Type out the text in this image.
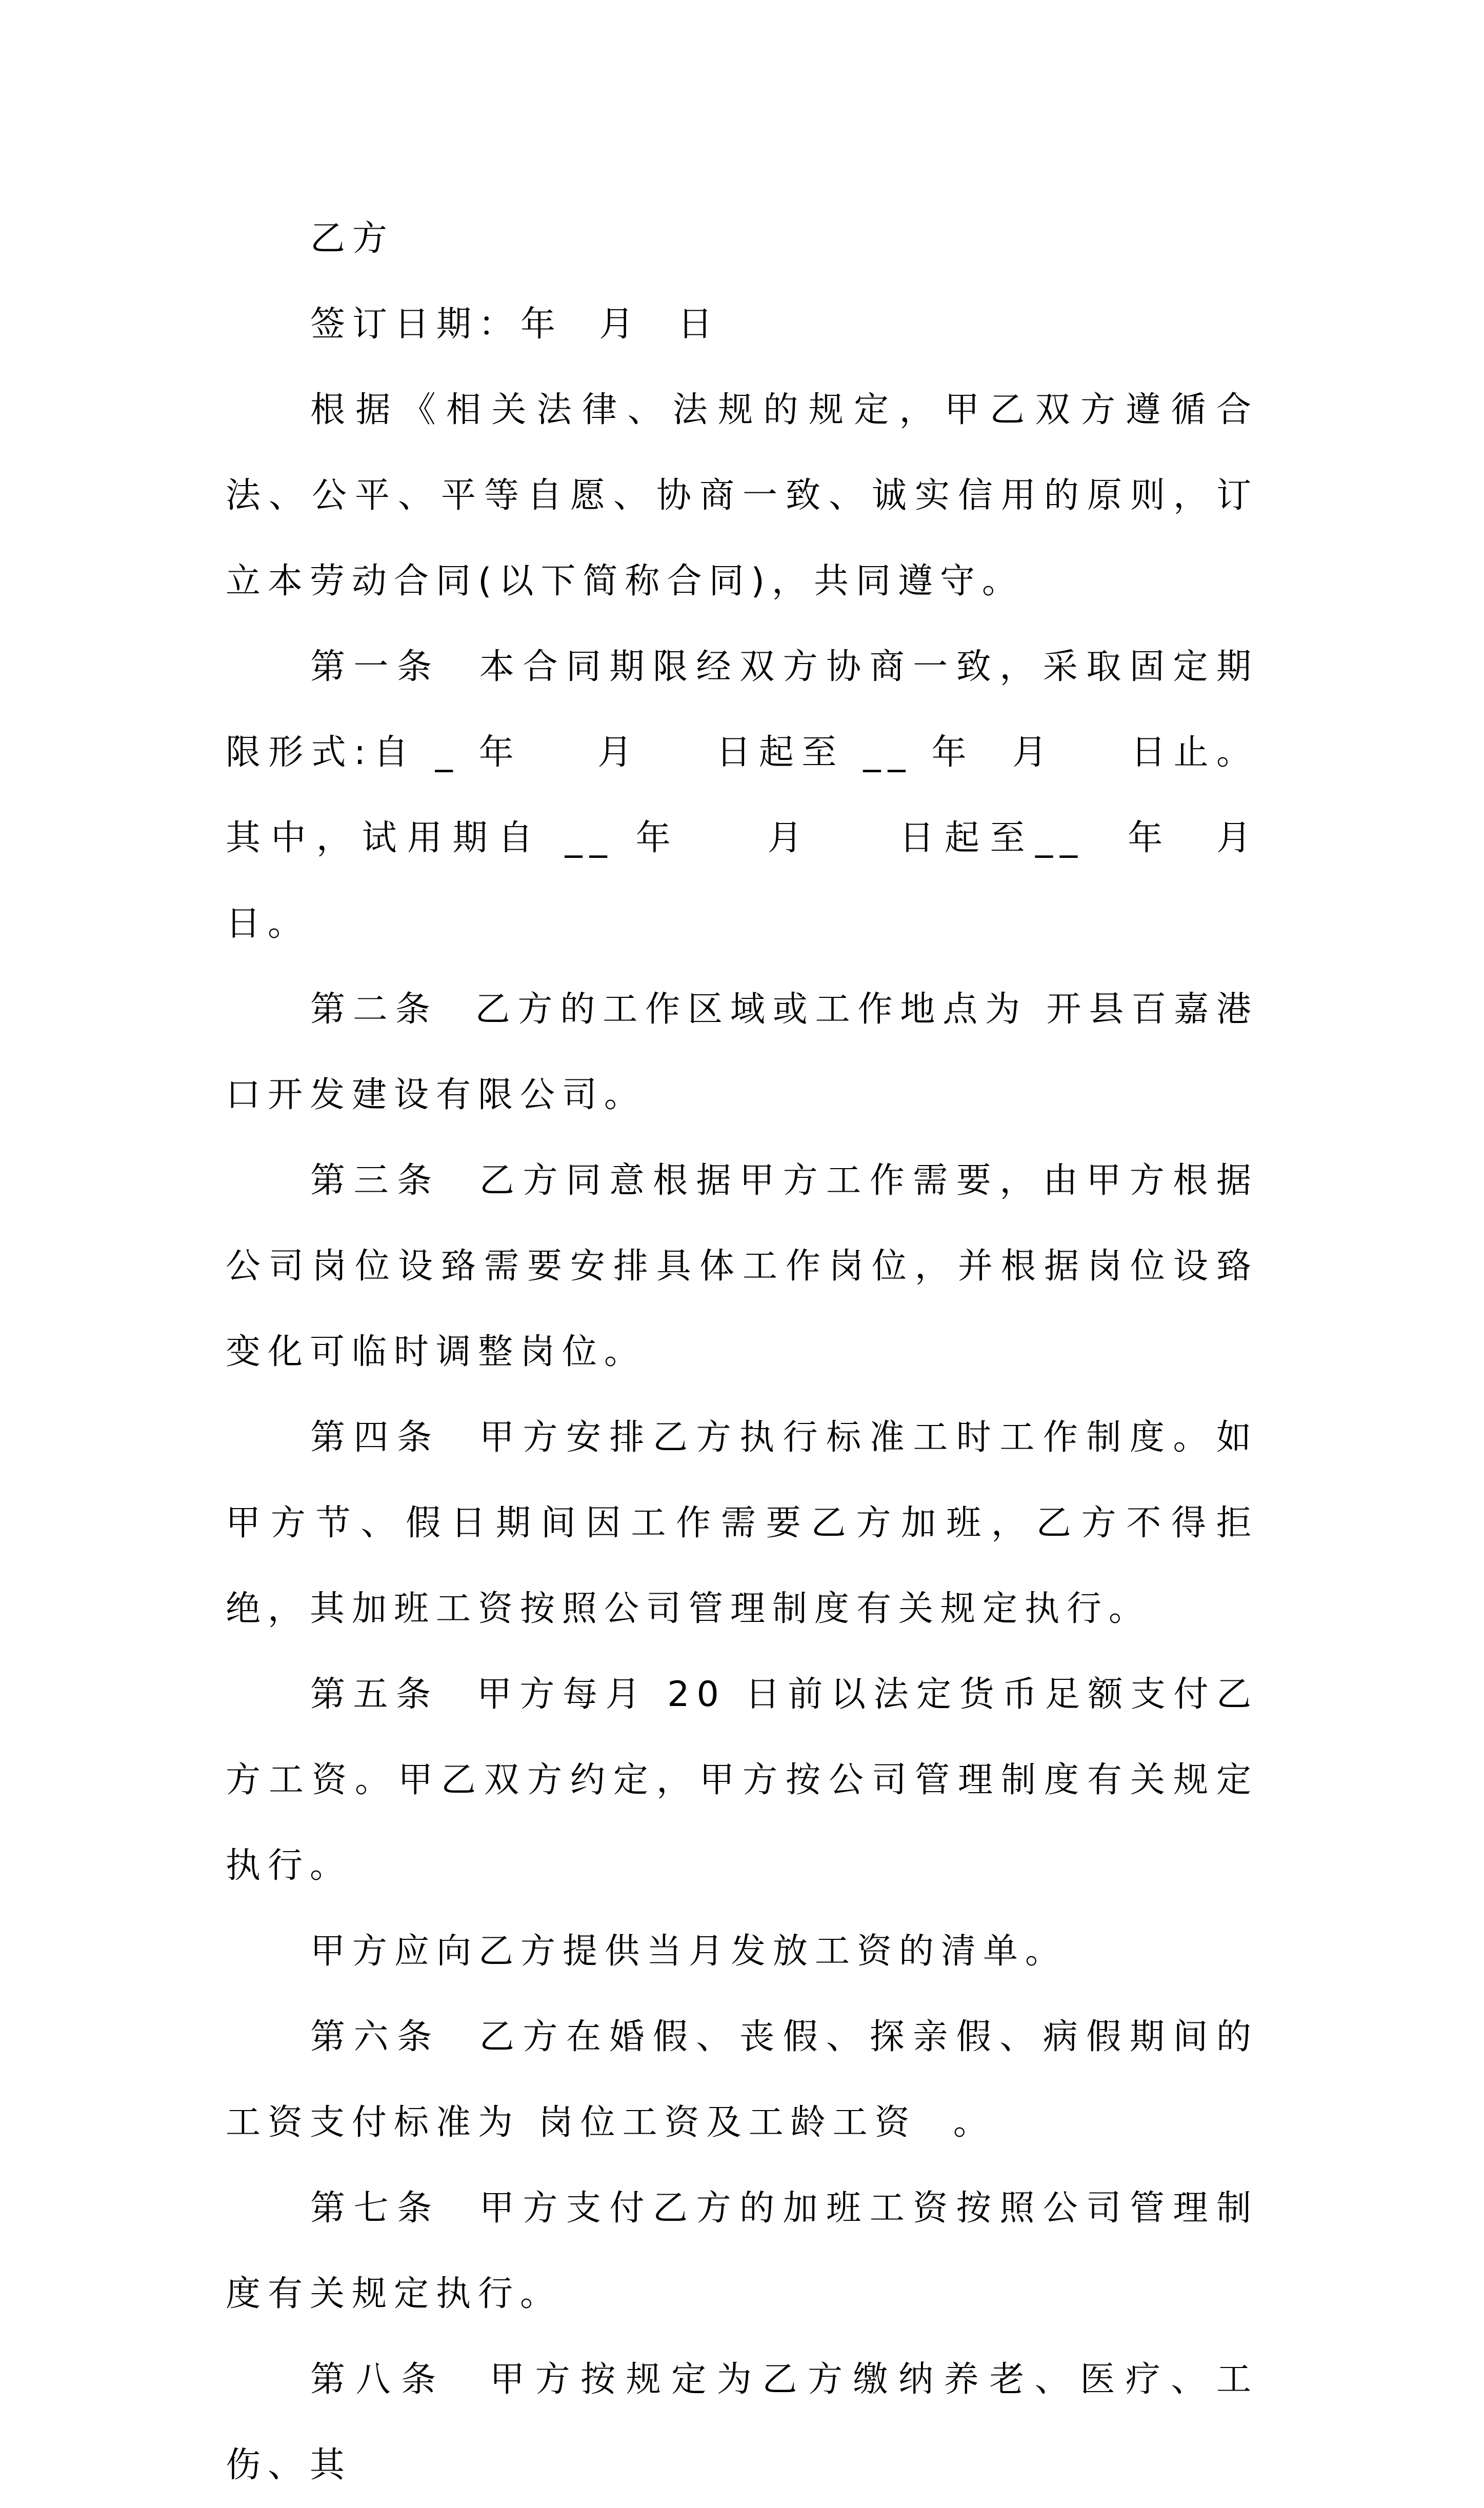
乙方

签订日期：年  月  日

根据《相关法律、法规的规定，甲乙双方遵循合法、公平、平等自愿、协商一致、诚实信用的原则，订立本劳动合同(以下简称合同)，共同遵守。

第一条  本合同期限经双方协商一致，采取固定期限形式:自 _ 年    月    日起至 __ 年  月    日止。其中，试用期自 __ 年    月    日起至__  年  月    日。

第二条  乙方的工作区域或工作地点为 开县百嘉港口开发建设有限公司。

第三条  乙方同意根据甲方工作需要，由甲方根据公司岗位设臵需要安排具体工作岗位，并根据岗位设臵变化可临时调整岗位。

第四条  甲方安排乙方执行标准工时工作制度。如甲方节、假日期间因工作需要乙方加班，乙方不得拒绝，其加班工资按照公司管理制度有关规定执行。

第五条  甲方每月 20 日前以法定货币足额支付乙方工资。甲乙双方约定，甲方按公司管理制度有关规定执行。

甲方应向乙方提供当月发放工资的清单。

第六条  乙方在婚假、丧假、探亲假、病假期间的工资支付标准为 岗位工资及工龄工资  。

第七条  甲方支付乙方的加班工资按照公司管理制度有关规定执行。

第八条  甲方按规定为乙方缴纳养老、医疗、工伤、其
